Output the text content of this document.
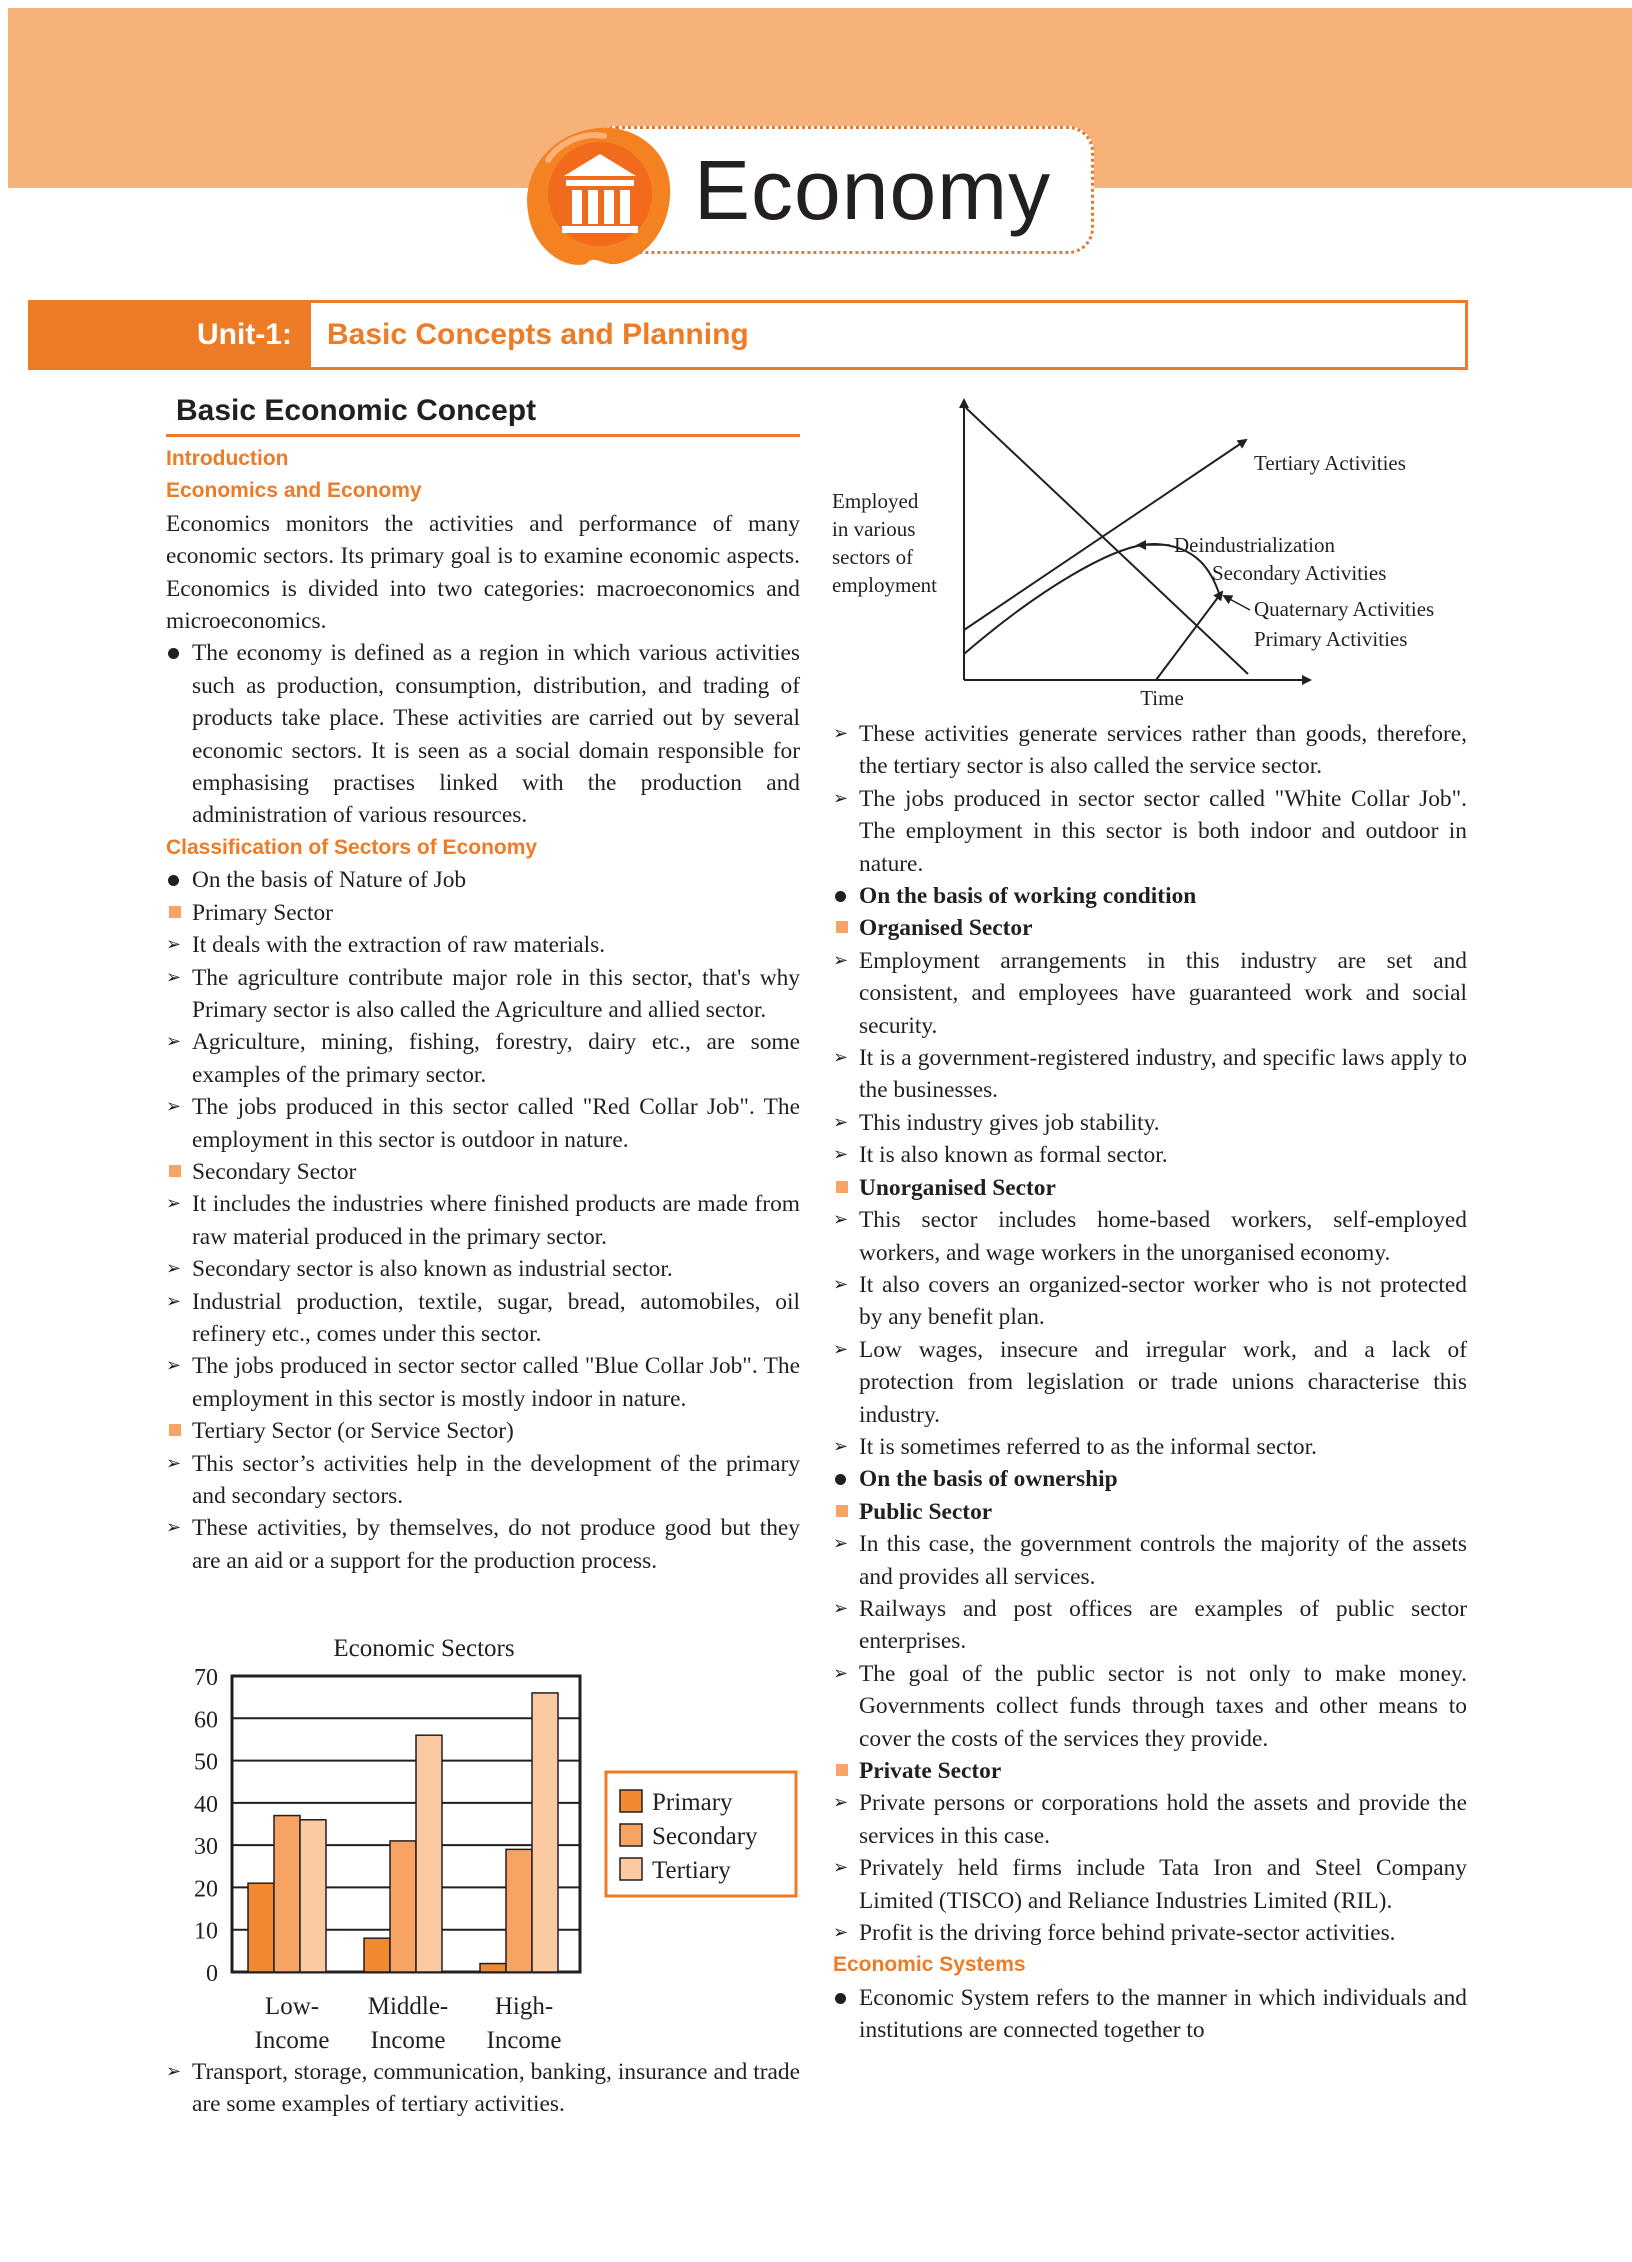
Economy
Unit-1:	Basic Concepts and Planning
Basic Economic Concept
Introduction
Economics and Economy
Economics monitors the activities and performance of many economic sectors. Its primary goal is to examine economic aspects. Economics is divided into two categories: macroeconomics and microeconomics.
The economy is defined as a region in which various activities such as production, consumption, distribution, and trading of products take place. These activities are carried out by several economic sectors. It is seen as a social domain responsible for emphasising practises linked with the production and administration of various resources.
Classification of Sectors of Economy
On the basis of Nature of Job
Primary Sector
➢ It deals with the extraction of raw materials.
➢ The agriculture contribute major role in this sector, that's why Primary sector is also called the Agriculture and allied sector.
➢ Agriculture, mining, fishing, forestry, dairy etc., are some examples of the primary sector.
➢ The jobs produced in this sector called "Red Collar Job". The employment in this sector is outdoor in nature.
Secondary Sector
➢ It includes the industries where finished products are made from raw material produced in the primary sector.
➢ Secondary sector is also known as industrial sector.
➢ Industrial production, textile, sugar, bread, automobiles, oil refinery etc., comes under this sector.
➢ The jobs produced in sector sector called "Blue Collar Job". The employment in this sector is mostly indoor in nature.
Tertiary Sector (or Service Sector)
➢ This sector’s activities help in the development of the primary and secondary sectors.
➢ These activities, by themselves, do not produce good but they are an aid or a support for the production process.
Economic Sectors
0
10
20
30
40
50
60
70
Low-
Income
Middle-
Income
High-
Income
Primary
Secondary
Tertiary
➢ Transport, storage, communication, banking, insurance and trade are some examples of tertiary activities.
Employed
in various
sectors of
employment
Time
Tertiary Activities
Deindustrialization
Secondary Activities
Quaternary Activities
Primary Activities
➢ These activities generate services rather than goods, therefore, the tertiary sector is also called the service sector.
➢ The jobs produced in sector sector called "White Collar Job". The employment in this sector is both indoor and outdoor in nature.
On the basis of working condition
Organised Sector
➢ Employment arrangements in this industry are set and consistent, and employees have guaranteed work and social security.
➢ It is a government-registered industry, and specific laws apply to the businesses.
➢ This industry gives job stability.
➢ It is also known as formal sector.
Unorganised Sector
➢ This sector includes home-based workers, self-employed workers, and wage workers in the unorganised economy.
➢ It also covers an organized-sector worker who is not protected by any benefit plan.
➢ Low wages, insecure and irregular work, and a lack of protection from legislation or trade unions characterise this industry.
➢ It is sometimes referred to as the informal sector.
On the basis of ownership
Public Sector
➢ In this case, the government controls the majority of the assets and provides all services.
➢ Railways and post offices are examples of public sector enterprises.
➢ The goal of the public sector is not only to make money. Governments collect funds through taxes and other means to cover the costs of the services they provide.
Private Sector
➢ Private persons or corporations hold the assets and provide the services in this case.
➢ Privately held firms include Tata Iron and Steel Company Limited (TISCO) and Reliance Industries Limited (RIL).
➢ Profit is the driving force behind private-sector activities.
Economic Systems
Economic System refers to the manner in which individuals and institutions are connected together to
